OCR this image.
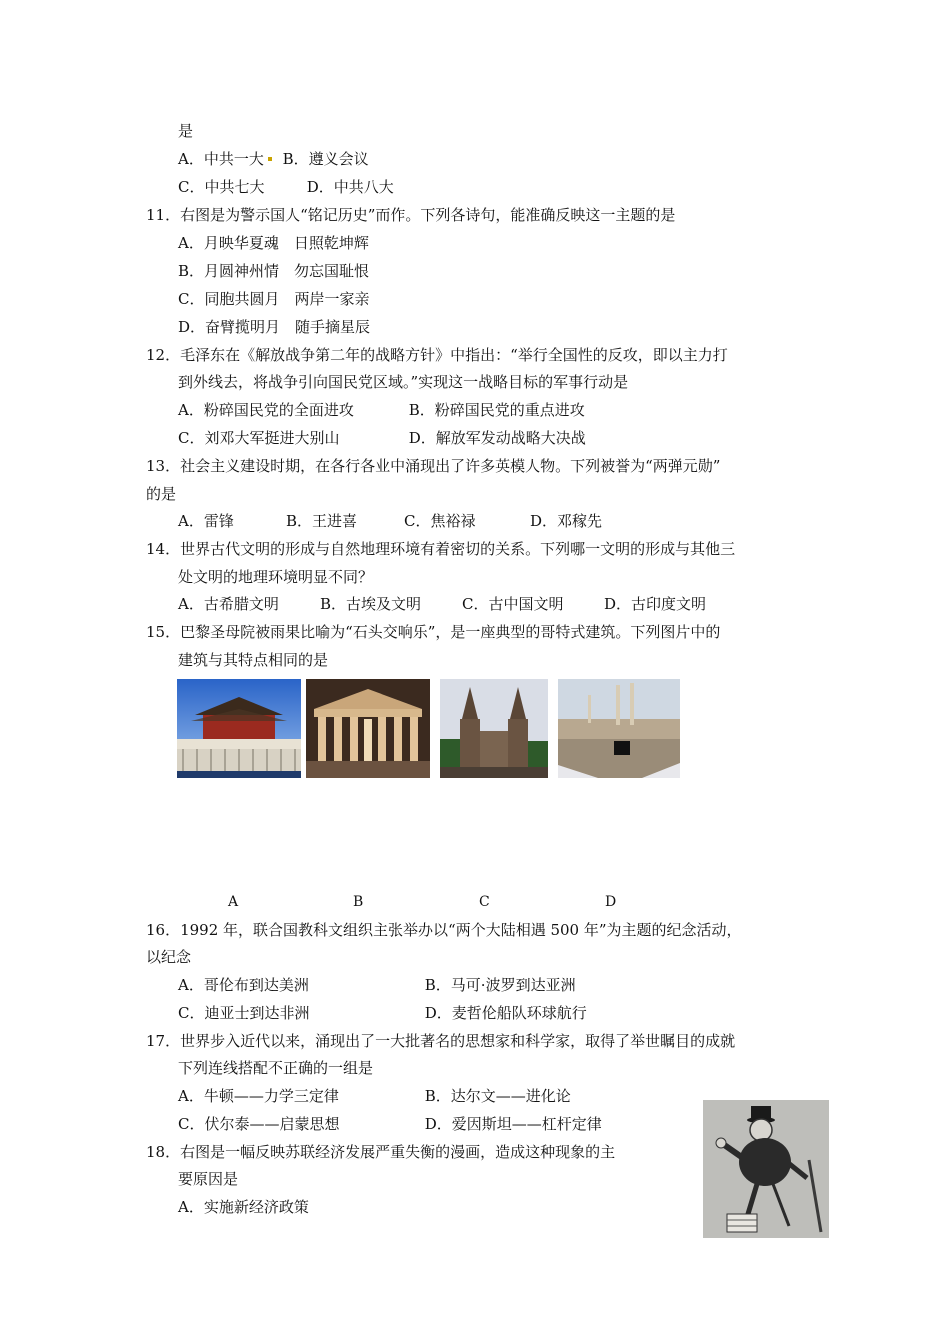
是
A．中共一大 B．遵义会议
C．中共七大	D．中共八大
11．右图是为警示国人“铭记历史”而作。下列各诗句，能准确反映这一主题的是
A．月映华夏魂　日照乾坤辉
B．月圆神州情　勿忘国耻恨
C．同胞共圆月　两岸一家亲
D．奋臂揽明月　随手摘星辰
12．毛泽东在《解放战争第二年的战略方针》中指出：“举行全国性的反攻，即以主力打
到外线去，将战争引向国民党区域。”实现这一战略目标的军事行动是
A．粉碎国民党的全面进攻	B．粉碎国民党的重点进攻
C．刘邓大军挺进大别山	D．解放军发动战略大决战
13．社会主义建设时期，在各行各业中涌现出了许多英模人物。下列被誉为“两弹元勋”
的是
A．雷锋	B．王进喜	C．焦裕禄	D．邓稼先
14．世界古代文明的形成与自然地理环境有着密切的关系。下列哪一文明的形成与其他三
处文明的地理环境明显不同？
A．古希腊文明	B．古埃及文明	C．古中国文明	D．古印度文明
15．巴黎圣母院被雨果比喻为“石头交响乐”，是一座典型的哥特式建筑。下列图片中的
建筑与其特点相同的是
A	B	C	D
16．1992 年，联合国教科文组织主张举办以“两个大陆相遇 500 年”为主题的纪念活动，
以纪念
A．哥伦布到达美洲	B．马可·波罗到达亚洲
C．迪亚士到达非洲	D．麦哲伦船队环球航行
17．世界步入近代以来，涌现出了一大批著名的思想家和科学家，取得了举世瞩目的成就
下列连线搭配不正确的一组是
A．牛顿——力学三定律	B．达尔文——进化论
C．伏尔泰——启蒙思想	D．爱因斯坦——杠杆定律
18．右图是一幅反映苏联经济发展严重失衡的漫画，造成这种现象的主
要原因是
A．实施新经济政策
